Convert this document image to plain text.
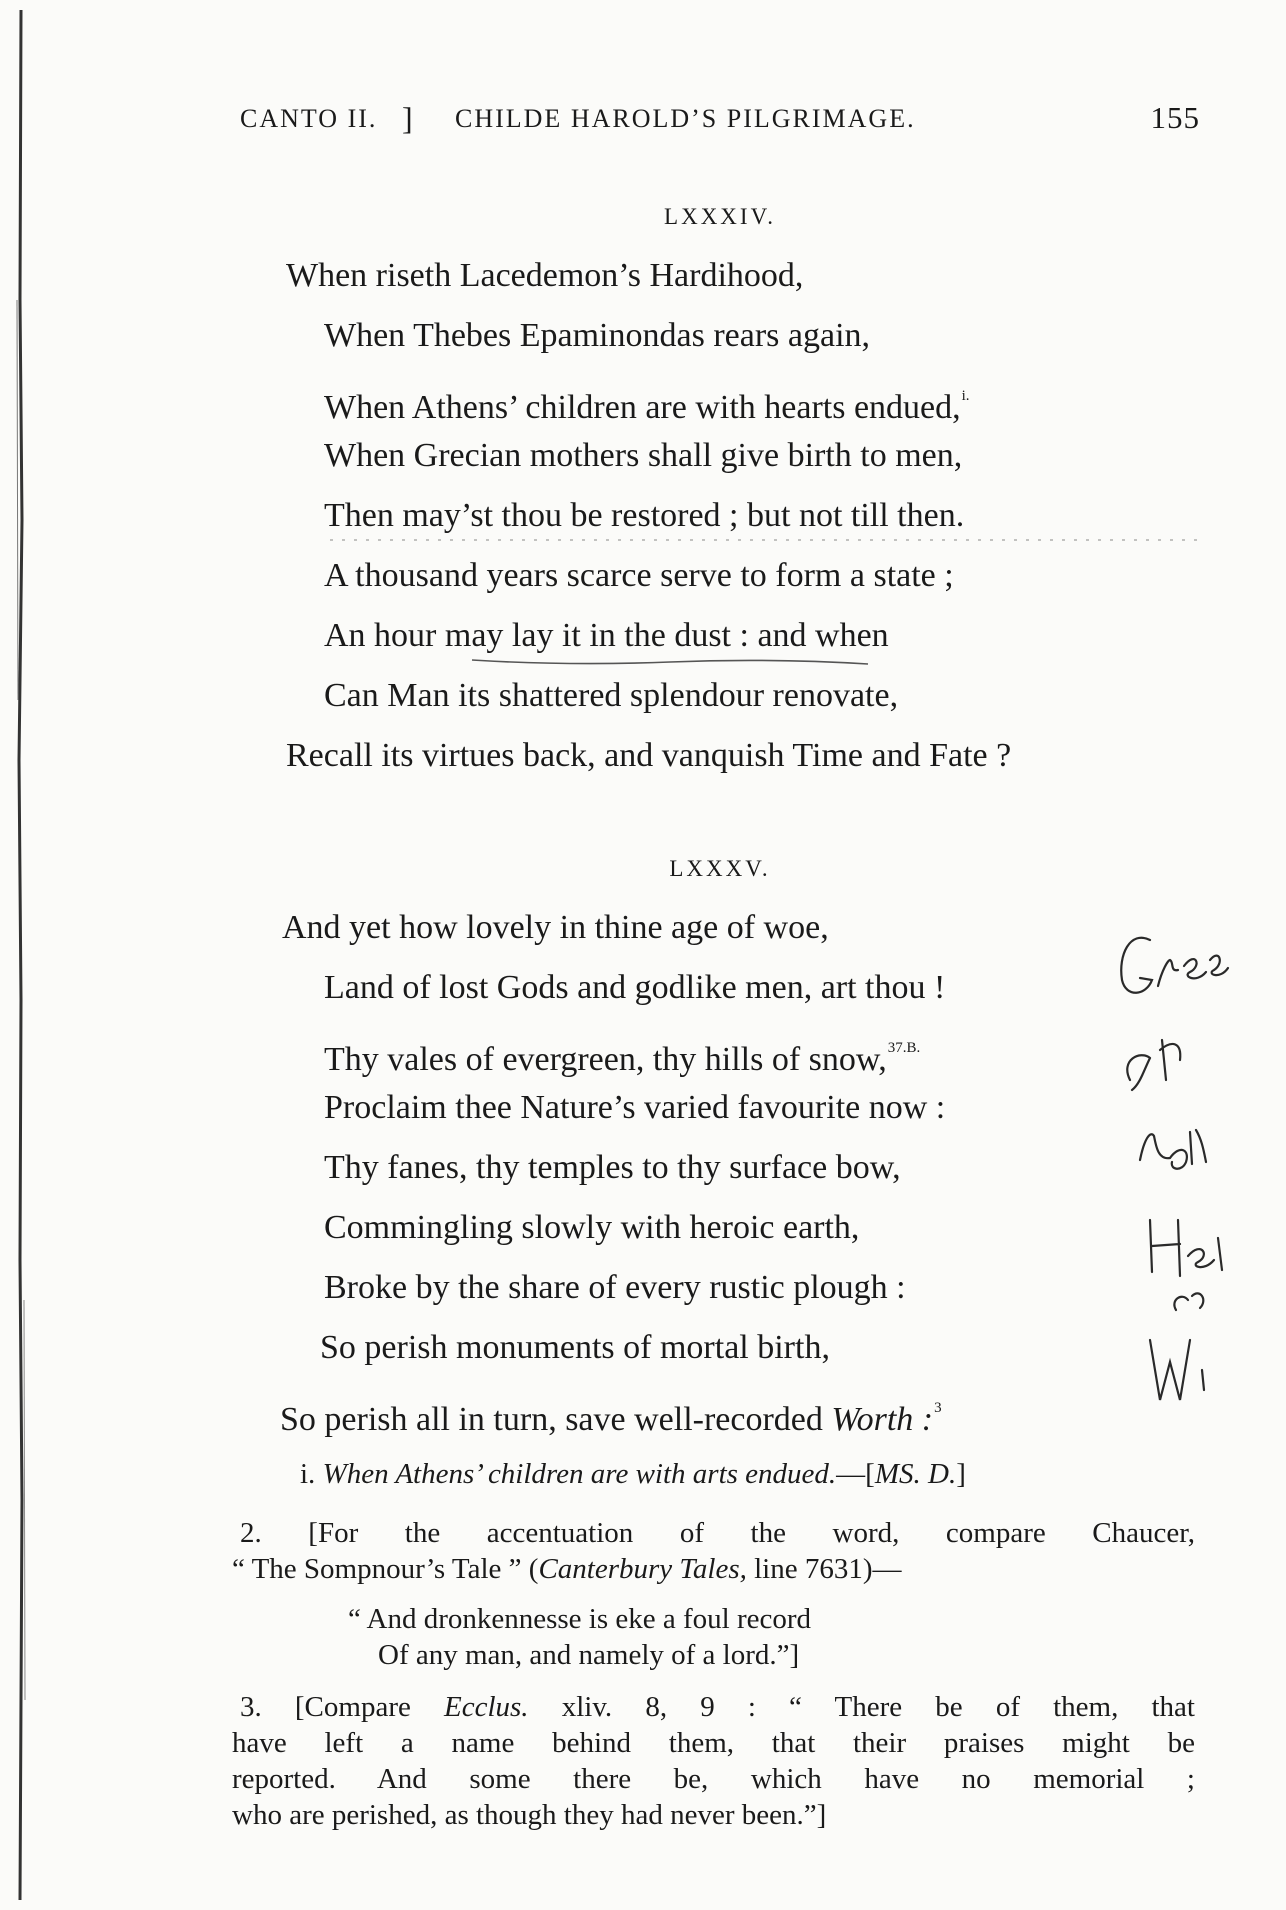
CANTO II. ] CHILDE HAROLD’S PILGRIMAGE.	155
LXXXIV.
When riseth Lacedemon’s Hardihood,
When Thebes Epaminondas rears again,
When Athens’ children are with hearts endued,$^{i.}$
When Grecian mothers shall give birth to men,
Then may’st thou be restored ; but not till then.
A thousand years scarce serve to form a state ;
An hour may lay it in the dust : and when
Can Man its shattered splendour renovate,
Recall its virtues back, and vanquish Time and Fate ?
LXXXV.
And yet how lovely in thine age of woe,
Land of lost Gods and godlike men, art thou !
Thy vales of evergreen, thy hills of snow,$^{37.B.}$
Proclaim thee Nature’s varied favourite now :
Thy fanes, thy temples to thy surface bow,
Commingling slowly with heroic earth,
Broke by the share of every rustic plough :
So perish monuments of mortal birth,
So perish all in turn, save well-recorded Worth :$^3$
i. When Athens’ children are with arts endued.—[MS. D.]
2. [For the accentuation of the word, compare Chaucer,
“ The Sompnour’s Tale ” (Canterbury Tales, line 7631)—
“ And dronkennesse is eke a foul record
Of any man, and namely of a lord.”]
3. [Compare Ecclus. xliv. 8, 9 : “ There be of them, that
have left a name behind them, that their praises might be
reported. And some there be, which have no memorial ;
who are perished, as though they had never been.”]
